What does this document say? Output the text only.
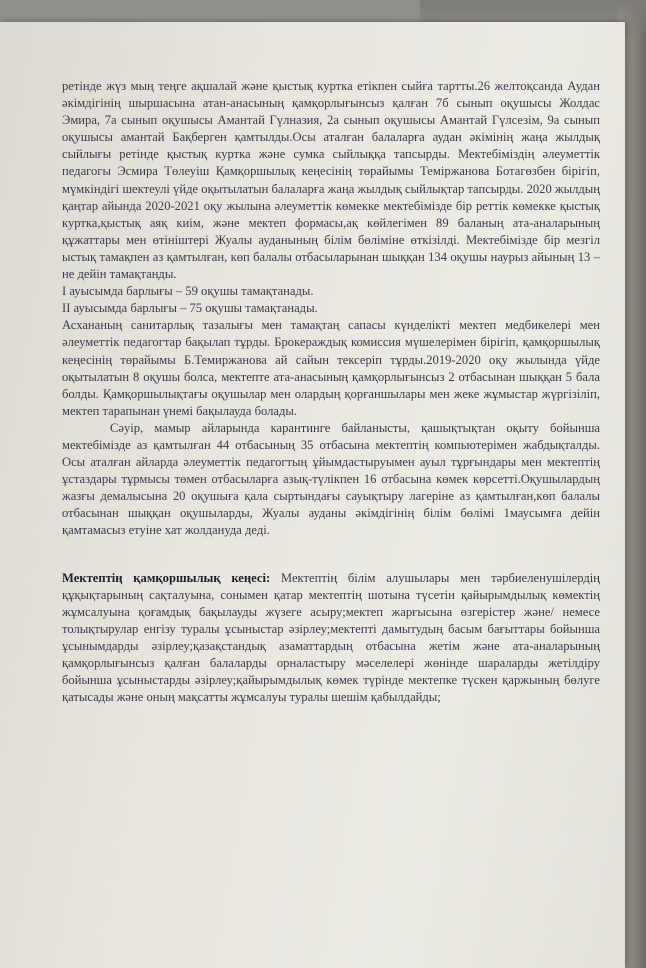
ретінде жүз мың теңге ақшалай және қыстық куртка етікпен сыйға тартты.26 желтоқсанда Аудан әкімдігінің шыршасына атан-анасының қамқорлығынсыз қалған 7б сынып оқушысы Жолдас Эмира, 7а сынып оқушысы Амантай Гүлназия, 2а сынып оқушысы Амантай Гүлсезім, 9а сынып оқушысы амантай Бақберген қамтылды.Осы аталған балаларға аудан әкімінің жаңа жылдық сыйлығы ретінде қыстық куртка және сумка сыйлыққа тапсырды. Мектебіміздің әлеуметтік педагогы Эсмира Төлеуіш Қамқоршылық кеңесінің төрайымы Теміржанова Ботагөзбен бірігіп, мүмкіндігі шектеулі үйде оқытылатын балаларға жаңа жылдық сыйлықтар тапсырды. 2020 жылдың қаңтар айында 2020-2021 оқу жылына әлеуметтік көмекке мектебімізде бір реттік көмекке қыстық куртка,қыстық аяқ киім, және мектеп формасы,ақ көйлегімен 89 баланың ата-аналарының құжаттары мен өтініштері Жуалы ауданының білім бөліміне өткізілді. Мектебімізде бір мезгіл ыстық тамақпен аз қамтылған, көп балалы отбасыларынан шыққан 134 оқушы наурыз айының 13 –не дейін тамақтанды.

I ауысымда барлығы – 59 оқушы тамақтанады.

II ауысымда барлығы – 75 оқушы тамақтанады.

Асхананың санитарлық тазалығы мен тамақтаң сапасы күнделікті мектеп медбикелері мен әлеуметтік педагогтар бақылап тұрды. Брокераждық комиссия мүшелерімен бірігіп, қамқоршылық кеңесінің төрайымы Б.Темиржанова ай сайын тексеріп тұрды.2019-2020 оқу жылында үйде оқытылатын 8 оқушы болса, мектепте ата-анасының қамқорлығынсыз 2 отбасынан шыққан 5 бала болды. Қамқоршылықтағы оқушылар мен олардың қорғаншылары мен жеке жұмыстар жүргізіліп, мектеп тарапынан үнемі бақылауда болады.

Сәуір, мамыр айларында карантинге байланысты, қашықтықтан оқыту бойынша мектебімізде аз қамтылған 44 отбасының 35 отбасына мектептің компьютерімен жабдықталды. Осы аталған айларда әлеуметтік педагогтың ұйымдастыруымен ауыл тұрғындары мен мектептің ұстаздары тұрмысы төмен отбасыларға азық-түлікпен 16 отбасына көмек көрсетті.Оқушылардың жазғы демалысына 20 оқушыға қала сыртындағы сауықтыру лагеріне аз қамтылған,көп балалы отбасынан шыққан оқушыларды, Жуалы ауданы әкімдігінің білім бөлімі 1маусымға дейін қамтамасыз етуіне хат жолдануда деді.

Мектептің қамқоршылық кеңесі: Мектептің білім алушылары мен тәрбиеленушілердің құқықтарының сақталуына, сонымен қатар мектептің шотына түсетін қайырымдылық көмектің жұмсалуына қоғамдық бақылауды жүзеге асыру;мектеп жарғысына өзгерістер және/ немесе толықтырулар енгізу туралы ұсыныстар әзірлеу;мектепті дамытудың басым бағыттары бойынша ұсынымдарды әзірлеу;қазақстандық азаматтардың отбасына жетім және ата-аналарының қамқорлығынсыз қалған балаларды орналастыру мәселелері жөнінде шараларды жетілдіру бойынша ұсыныстарды әзірлеу;қайырымдылық көмек түрінде мектепке түскен қаржының бөлуге қатысады және оның мақсатты жұмсалуы туралы шешім қабылдайды;
